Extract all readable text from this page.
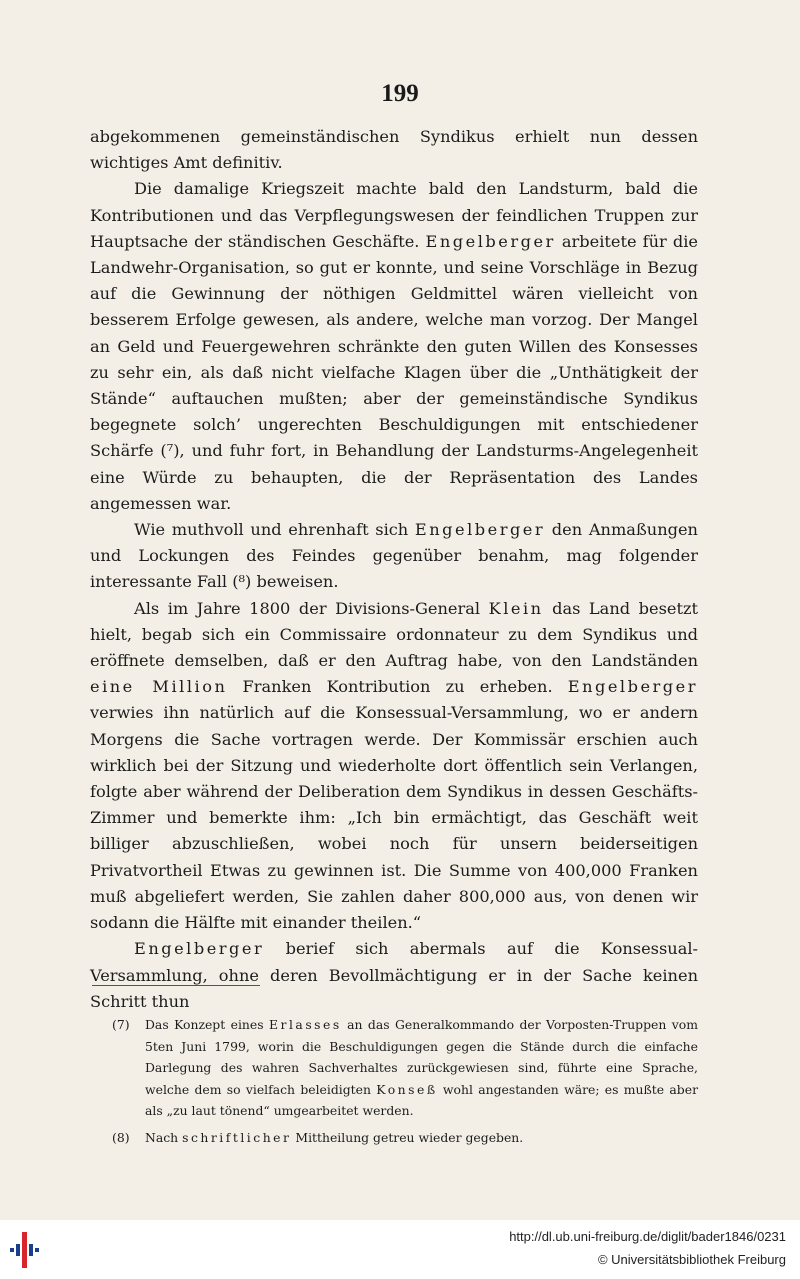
199

abgekommenen gemeinständischen Syndikus erhielt nun dessen wichtiges Amt definitiv.

Die damalige Kriegszeit machte bald den Landsturm, bald die Kontributionen und das Verpflegungswesen der feindlichen Truppen zur Hauptsache der ständischen Geschäfte. Engelberger arbeitete für die Landwehr-Organisation, so gut er konnte, und seine Vorschläge in Bezug auf die Gewinnung der nöthigen Geldmittel wären vielleicht von besserem Erfolge gewesen, als andere, welche man vorzog. Der Mangel an Geld und Feuergewehren schränkte den guten Willen des Konsesses zu sehr ein, als daß nicht vielfache Klagen über die „Unthätigkeit der Stände“ auftauchen mußten; aber der gemeinständische Syndikus begegnete solch’ ungerechten Beschuldigungen mit entschiedener Schärfe (⁷), und fuhr fort, in Behandlung der Landsturms-Angelegenheit eine Würde zu behaupten, die der Repräsentation des Landes angemessen war.

Wie muthvoll und ehrenhaft sich Engelberger den Anmaßungen und Lockungen des Feindes gegenüber benahm, mag folgender interessante Fall (⁸) beweisen.

Als im Jahre 1800 der Divisions-General Klein das Land besetzt hielt, begab sich ein Commissaire ordonnateur zu dem Syndikus und eröffnete demselben, daß er den Auftrag habe, von den Landständen eine Million Franken Kontribution zu erheben. Engelberger verwies ihn natürlich auf die Konsessual-Versammlung, wo er andern Morgens die Sache vortragen werde. Der Kommissär erschien auch wirklich bei der Sitzung und wiederholte dort öffentlich sein Verlangen, folgte aber während der Deliberation dem Syndikus in dessen Geschäfts-Zimmer und bemerkte ihm: „Ich bin ermächtigt, das Geschäft weit billiger abzuschließen, wobei noch für unsern beiderseitigen Privatvortheil Etwas zu gewinnen ist. Die Summe von 400,000 Franken muß abgeliefert werden, Sie zahlen daher 800,000 aus, von denen wir sodann die Hälfte mit einander theilen.“

Engelberger berief sich abermals auf die Konsessual-Versammlung, ohne deren Bevollmächtigung er in der Sache keinen Schritt thun

(7) Das Konzept eines Erlasses an das Generalkommando der Vorposten-Truppen vom 5ten Juni 1799, worin die Beschuldigungen gegen die Stände durch die einfache Darlegung des wahren Sachverhaltes zurückgewiesen sind, führte eine Sprache, welche dem so vielfach beleidigten Konseß wohl angestanden wäre; es mußte aber als „zu laut tönend“ umgearbeitet werden.
(8) Nach schriftlicher Mittheilung getreu wieder gegeben.
http://dl.ub.uni-freiburg.de/diglit/bader1846/0231
© Universitätsbibliothek Freiburg
